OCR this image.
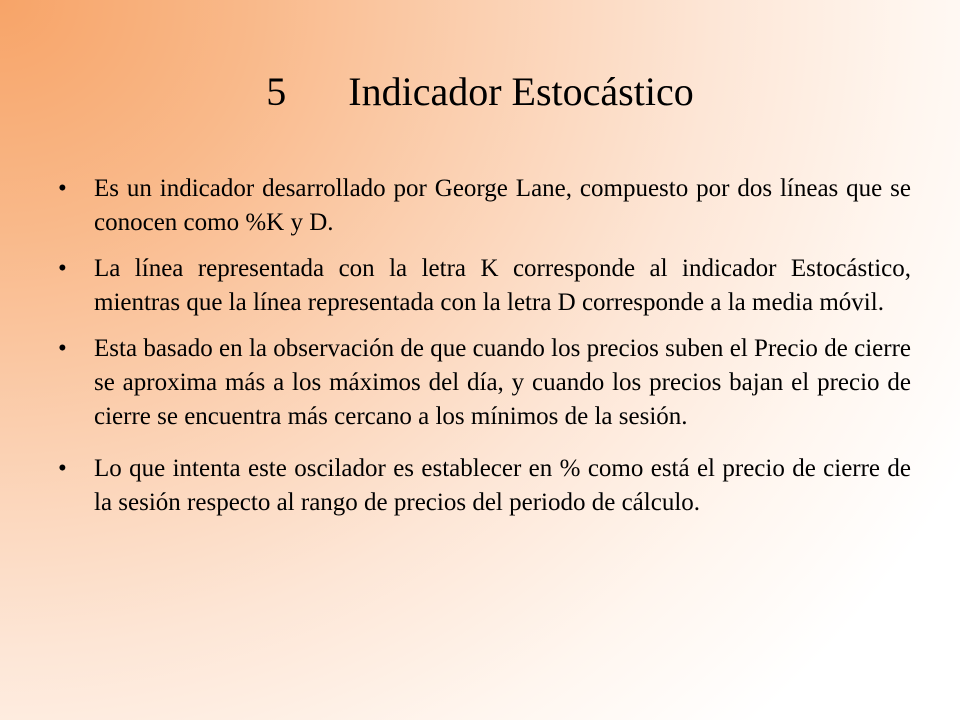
5 Indicador Estocástico
• Es un indicador desarrollado por George Lane, compuesto por dos líneas que se conocen como %K y D.
• La línea representada con la letra K corresponde al indicador Estocástico, mientras que la línea representada con la letra D corresponde a la media móvil.
• Esta basado en la observación de que cuando los precios suben el Precio de cierre se aproxima más a los máximos del día, y cuando los precios bajan el precio de cierre se encuentra más cercano a los mínimos de la sesión.
• Lo que intenta este oscilador es establecer en % como está el precio de cierre de la sesión respecto al rango de precios del periodo de cálculo.
